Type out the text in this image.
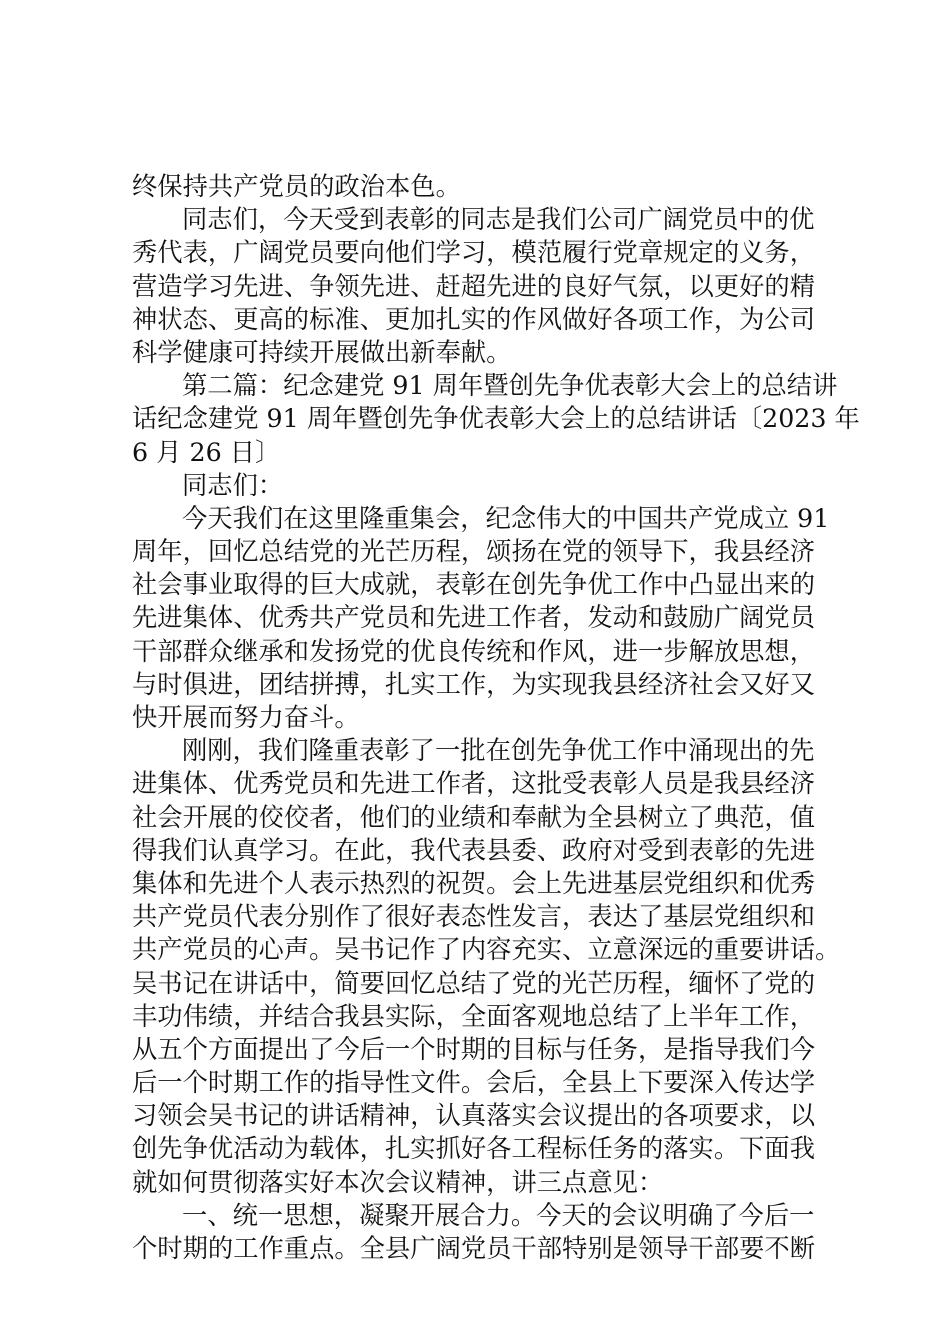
终保持共产党员的政治本色。
同志们，今天受到表彰的同志是我们公司广阔党员中的优
秀代表，广阔党员要向他们学习，模范履行党章规定的义务，
营造学习先进、争领先进、赶超先进的良好气氛，以更好的精
神状态、更高的标准、更加扎实的作风做好各项工作，为公司
科学健康可持续开展做出新奉献。
第二篇：纪念建党 91 周年暨创先争优表彰大会上的总结讲
话纪念建党 91 周年暨创先争优表彰大会上的总结讲话〔2023 年
6 月 26 日〕
同志们：
今天我们在这里隆重集会，纪念伟大的中国共产党成立 91
周年，回忆总结党的光芒历程，颂扬在党的领导下，我县经济
社会事业取得的巨大成就，表彰在创先争优工作中凸显出来的
先进集体、优秀共产党员和先进工作者，发动和鼓励广阔党员
干部群众继承和发扬党的优良传统和作风，进一步解放思想，
与时俱进，团结拼搏，扎实工作，为实现我县经济社会又好又
快开展而努力奋斗。
刚刚，我们隆重表彰了一批在创先争优工作中涌现出的先
进集体、优秀党员和先进工作者，这批受表彰人员是我县经济
社会开展的佼佼者，他们的业绩和奉献为全县树立了典范，值
得我们认真学习。在此，我代表县委、政府对受到表彰的先进
集体和先进个人表示热烈的祝贺。会上先进基层党组织和优秀
共产党员代表分别作了很好表态性发言，表达了基层党组织和
共产党员的心声。吴书记作了内容充实、立意深远的重要讲话。
吴书记在讲话中，简要回忆总结了党的光芒历程，缅怀了党的
丰功伟绩，并结合我县实际，全面客观地总结了上半年工作，
从五个方面提出了今后一个时期的目标与任务，是指导我们今
后一个时期工作的指导性文件。会后，全县上下要深入传达学
习领会吴书记的讲话精神，认真落实会议提出的各项要求，以
创先争优活动为载体，扎实抓好各工程标任务的落实。下面我
就如何贯彻落实好本次会议精神，讲三点意见：
一、统一思想，凝聚开展合力。今天的会议明确了今后一
个时期的工作重点。全县广阔党员干部特别是领导干部要不断
